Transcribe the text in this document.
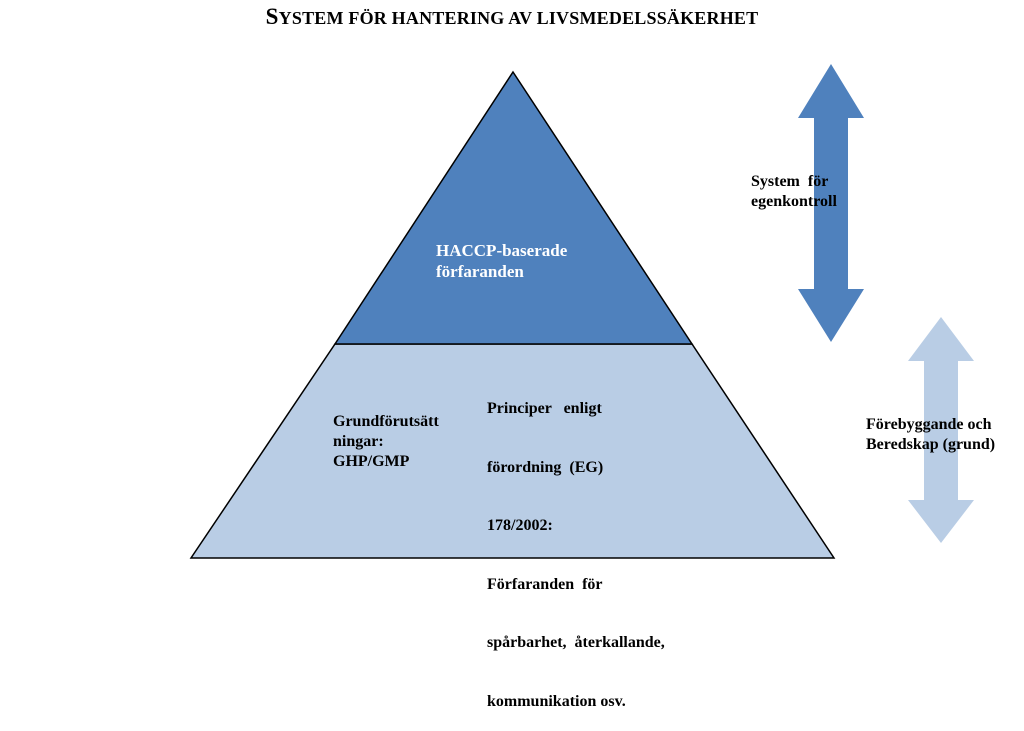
SYSTEM FÖR HANTERING AV LIVSMEDELSSÄKERHET
HACCP-baserade
förfaranden
Grundförutsätt
ningar:
GHP/GMP

Principer   enligt

förordning  (EG)

178/2002:

Förfaranden  för

spårbarhet,  återkallande,

kommunikation osv.

System  för
egenkontroll
Förebyggande och
Beredskap (grund)
